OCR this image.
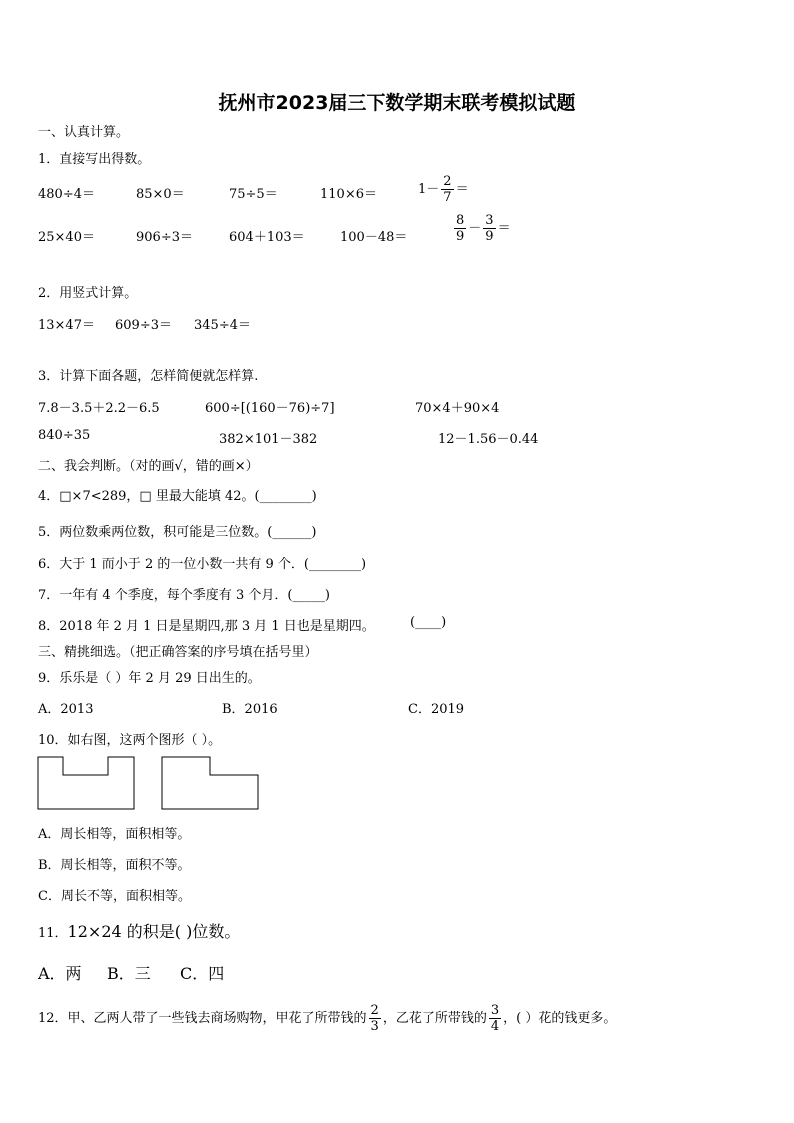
抚州市2023届三下数学期末联考模拟试题
一、认真计算。
1．直接写出得数。
480÷4＝	85×0＝	75÷5＝	110×6＝	$1- \frac{2}{7}$ ＝
25×40＝	906÷3＝	604＋103＝	100－48＝	$\frac{8}{9} - \frac{3}{9}$ ＝
2．用竖式计算。
13×47＝ 609÷3＝ 345÷4＝
3．计算下面各题，怎样简便就怎样算.
7.8－3.5＋2.2－6.5	600÷[(160－76)÷7]	70×4＋90×4
840÷35	382×101－382	12－1.56－0.44
二、我会判断。（对的画√，错的画×）
4．□×7<289，□ 里最大能填 42。(________)
5．两位数乘两位数，积可能是三位数。(______)
6．大于 1 而小于 2 的一位小数一共有 9 个．(________)
7．一年有 4 个季度，每个季度有 3 个月．(_____)
8．2018 年 2 月 1 日是星期四,那 3 月 1 日也是星期四。	(____)
三、精挑细选。（把正确答案的序号填在括号里）
9．乐乐是（ ）年 2 月 29 日出生的。
A．2013	B．2016	C．2019
10．如右图，这两个图形（ ）。
A．周长相等，面积相等。
B．周长相等，面积不等。
C．周长不等，面积相等。
11．12×24 的积是( )位数。
A．两 B．三 C．四
12．甲、乙两人带了一些钱去商场购物，甲花了所带钱的 $\frac{2}{3}$ ，乙花了所带钱的 $\frac{3}{4}$ ，( ）花的钱更多。
